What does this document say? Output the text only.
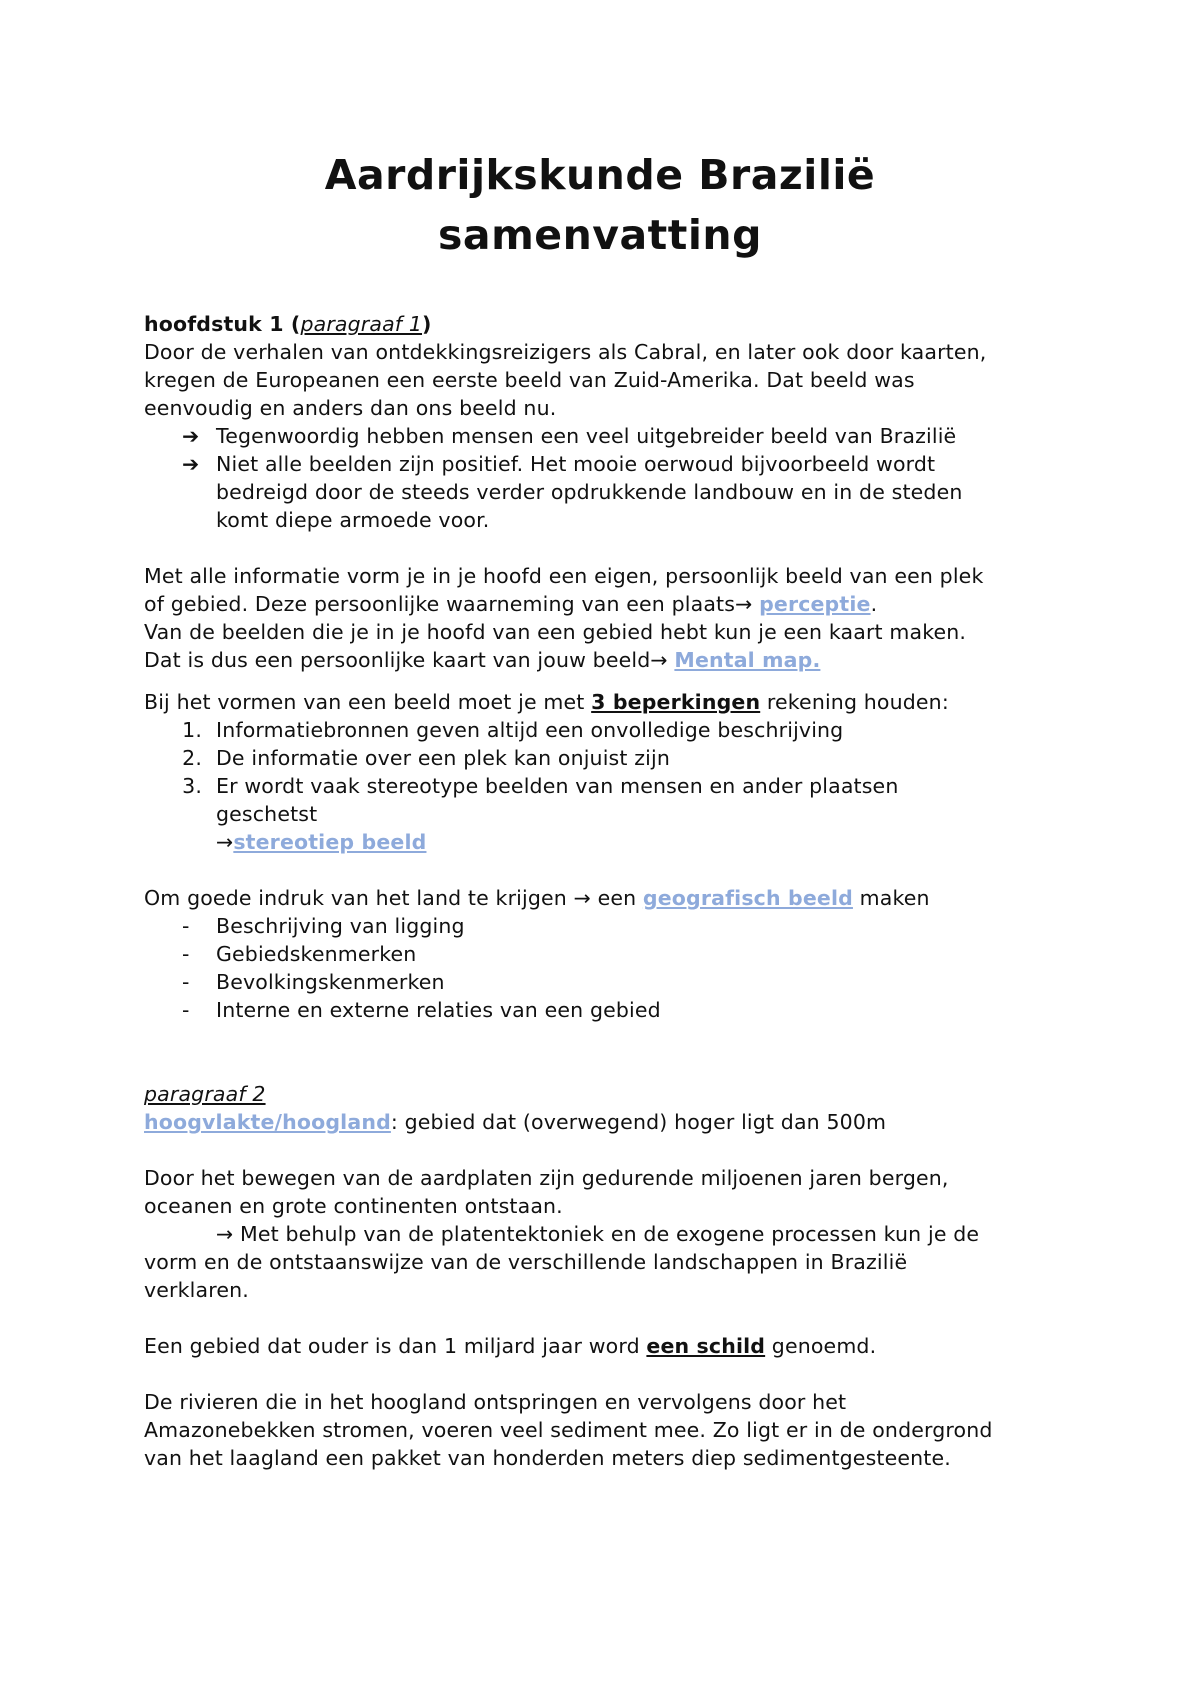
Aardrijkskunde Brazilië
samenvatting

hoofdstuk 1 (paragraaf 1)

Door de verhalen van ontdekkingsreizigers als Cabral, en later ook door kaarten,

kregen de Europeanen een eerste beeld van Zuid-Amerika. Dat beeld was

eenvoudig en anders dan ons beeld nu.

➔ Tegenwoordig hebben mensen een veel uitgebreider beeld van Brazilië

➔ Niet alle beelden zijn positief. Het mooie oerwoud bijvoorbeeld wordt

bedreigd door de steeds verder opdrukkende landbouw en in de steden

komt diepe armoede voor.

Met alle informatie vorm je in je hoofd een eigen, persoonlijk beeld van een plek

of gebied. Deze persoonlijke waarneming van een plaats→ perceptie.

Van de beelden die je in je hoofd van een gebied hebt kun je een kaart maken.

Dat is dus een persoonlijke kaart van jouw beeld→ Mental map.

Bij het vormen van een beeld moet je met 3 beperkingen rekening houden:

1. Informatiebronnen geven altijd een onvolledige beschrijving

2. De informatie over een plek kan onjuist zijn

3. Er wordt vaak stereotype beelden van mensen en ander plaatsen

geschetst

→stereotiep beeld

Om goede indruk van het land te krijgen → een geografisch beeld maken

-	Beschrijving van ligging

-	Gebiedskenmerken

-	Bevolkingskenmerken

-	Interne en externe relaties van een gebied

paragraaf 2

hoogvlakte/hoogland: gebied dat (overwegend) hoger ligt dan 500m

Door het bewegen van de aardplaten zijn gedurende miljoenen jaren bergen,

oceanen en grote continenten ontstaan.

→ Met behulp van de platentektoniek en de exogene processen kun je de

vorm en de ontstaanswijze van de verschillende landschappen in Brazilië

verklaren.

Een gebied dat ouder is dan 1 miljard jaar word een schild genoemd.

De rivieren die in het hoogland ontspringen en vervolgens door het

Amazonebekken stromen, voeren veel sediment mee. Zo ligt er in de ondergrond

van het laagland een pakket van honderden meters diep sedimentgesteente.
